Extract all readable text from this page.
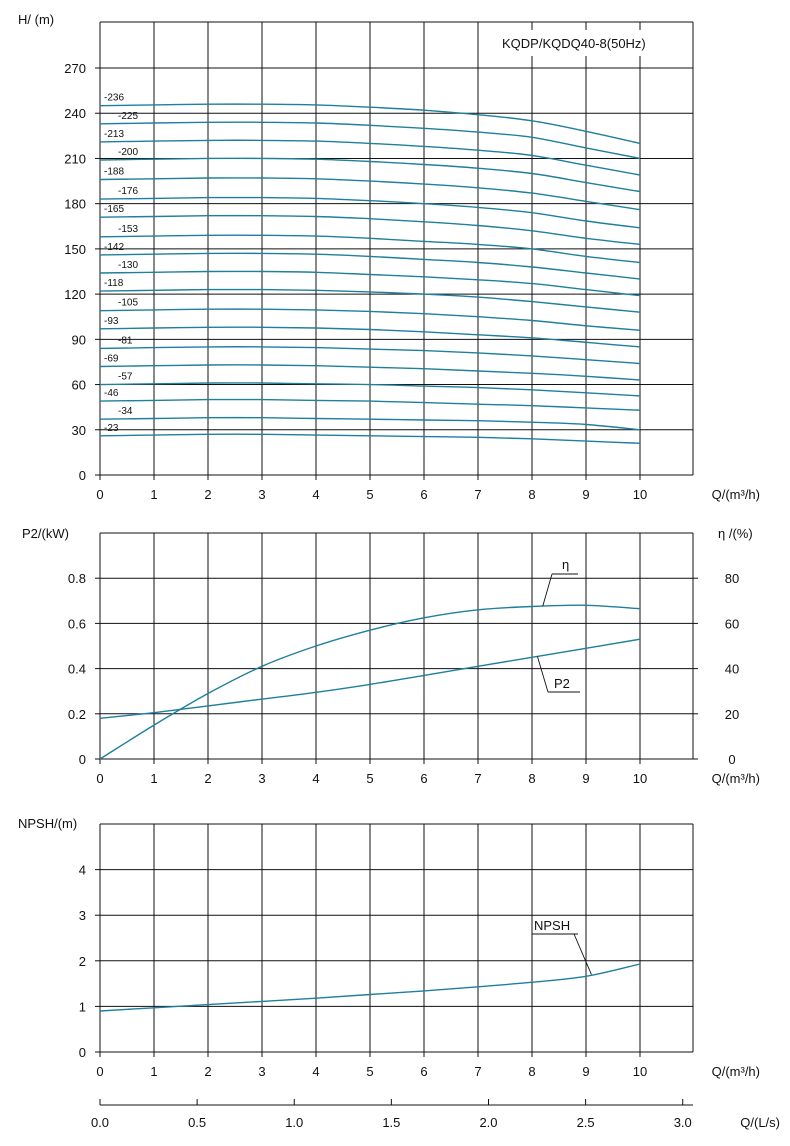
0
30
60
90
120
150
180
210
240
270
0	1	2	3	4	5	6	7	8	9	10	Q/(m³/h)
H/ (m)
KQDP/KQDQ40-8(50Hz)
-236
-225
-213
-200
-188
-176
-165
-153
-142
-130
-118
-105
-93
-81
-69
-57
-46
-34
-23
0
0.2
0.4
0.6
0.8
0
20
40
60
80
0	1	2	3	4	5	6	7	8	9	10	Q/(m³/h)
P2/(kW)	η /(%)
η
P2
0
1
2
3
4
0	1	2	3	4	5	6	7	8	9	10	Q/(m³/h)
NPSH/(m)
NPSH
0.0	0.5	1.0	1.5	2.0	2.5	3.0	Q/(L/s)
